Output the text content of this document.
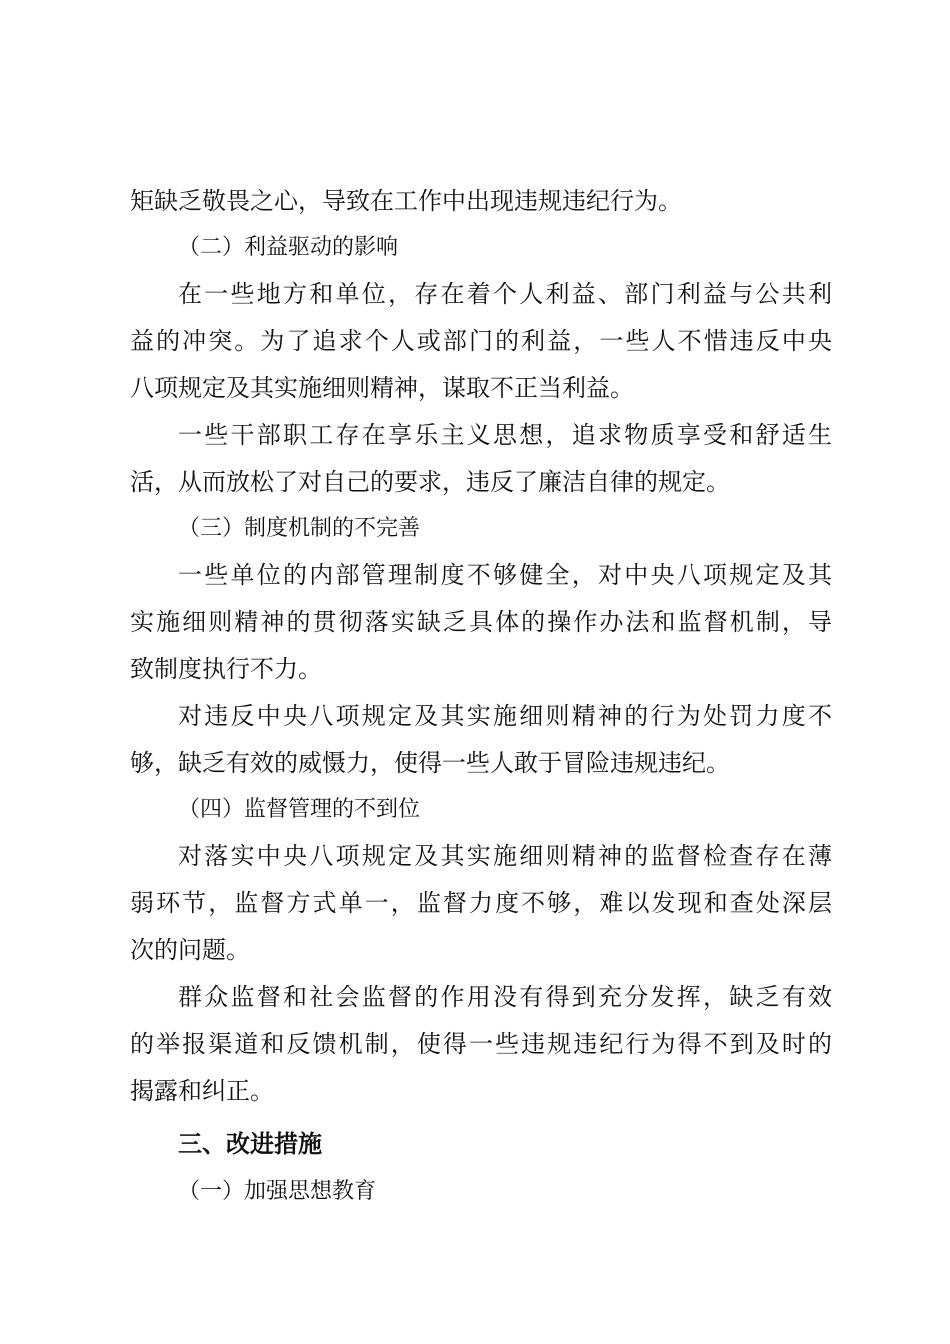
矩缺乏敬畏之心，导致在工作中出现违规违纪行为。
（二）利益驱动的影响
在一些地方和单位，存在着个人利益、部门利益与公共利
益的冲突。为了追求个人或部门的利益，一些人不惜违反中央
八项规定及其实施细则精神，谋取不正当利益。
一些干部职工存在享乐主义思想，追求物质享受和舒适生
活，从而放松了对自己的要求，违反了廉洁自律的规定。
（三）制度机制的不完善
一些单位的内部管理制度不够健全，对中央八项规定及其
实施细则精神的贯彻落实缺乏具体的操作办法和监督机制，导
致制度执行不力。
对违反中央八项规定及其实施细则精神的行为处罚力度不
够，缺乏有效的威慑力，使得一些人敢于冒险违规违纪。
（四）监督管理的不到位
对落实中央八项规定及其实施细则精神的监督检查存在薄
弱环节，监督方式单一，监督力度不够，难以发现和查处深层
次的问题。
群众监督和社会监督的作用没有得到充分发挥，缺乏有效
的举报渠道和反馈机制，使得一些违规违纪行为得不到及时的
揭露和纠正。
三、改进措施
（一）加强思想教育
